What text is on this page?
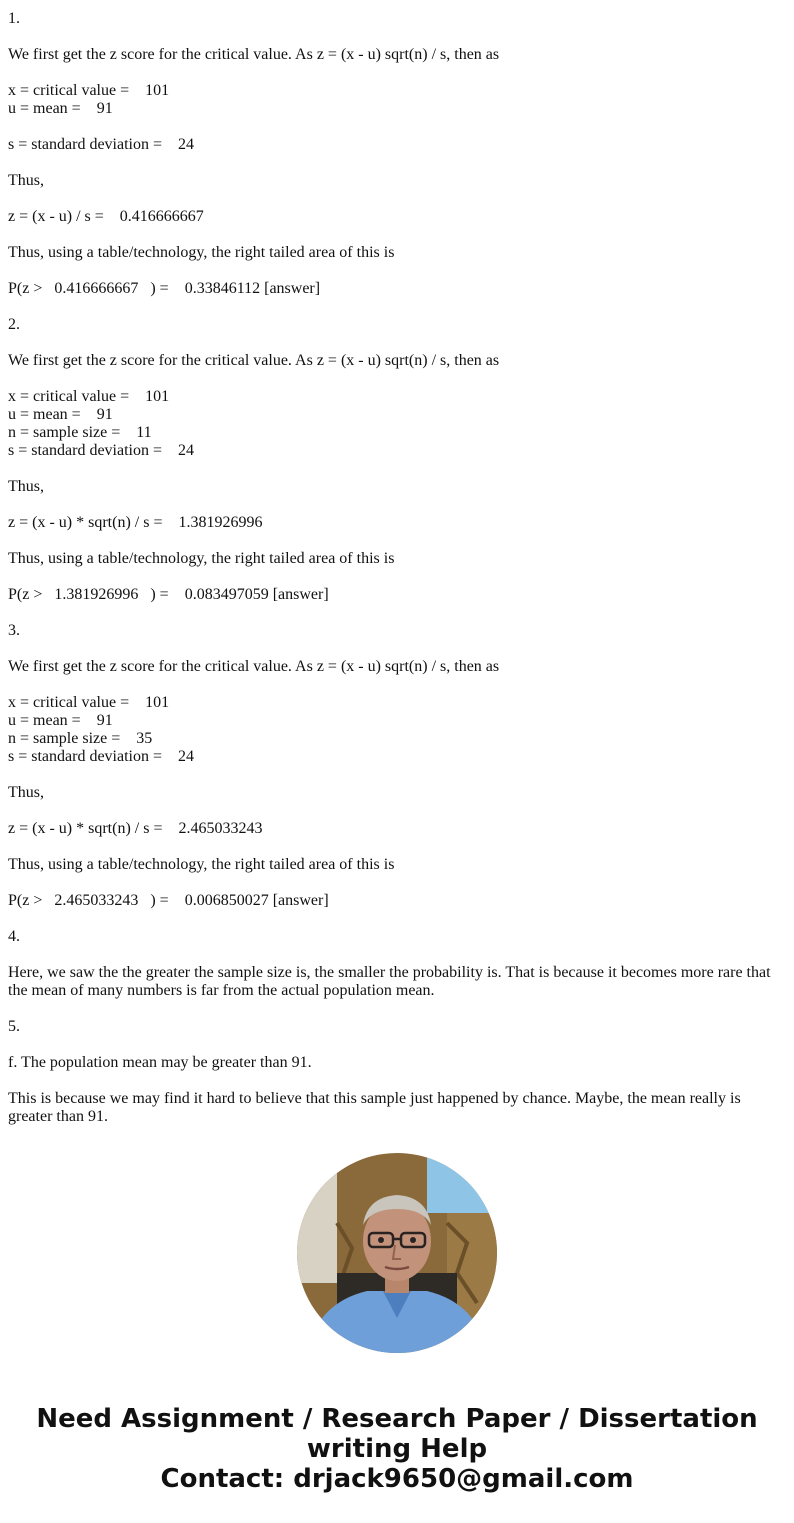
1.
We first get the z score for the critical value. As z = (x - u) sqrt(n) / s, then as
x = critical value =    101
u = mean =    91
s = standard deviation =    24
Thus,
z = (x - u) / s =    0.416666667
Thus, using a table/technology, the right tailed area of this is
P(z >   0.416666667   ) =    0.33846112 [answer]
2.
We first get the z score for the critical value. As z = (x - u) sqrt(n) / s, then as
x = critical value =    101
u = mean =    91
n = sample size =    11
s = standard deviation =    24
Thus,
z = (x - u) * sqrt(n) / s =    1.381926996
Thus, using a table/technology, the right tailed area of this is
P(z >   1.381926996   ) =    0.083497059 [answer]
3.
We first get the z score for the critical value. As z = (x - u) sqrt(n) / s, then as
x = critical value =    101
u = mean =    91
n = sample size =    35
s = standard deviation =    24
Thus,
z = (x - u) * sqrt(n) / s =    2.465033243
Thus, using a table/technology, the right tailed area of this is
P(z >   2.465033243   ) =    0.006850027 [answer]
4.
Here, we saw the the greater the sample size is, the smaller the probability is. That is because it becomes more rare that the mean of many numbers is far from the actual population mean.
5.
f. The population mean may be greater than 91.
This is because we may find it hard to believe that this sample just happened by chance. Maybe, the mean really is greater than 91.
Need Assignment / Research Paper / Dissertation
writing Help
Contact: drjack9650@gmail.com
